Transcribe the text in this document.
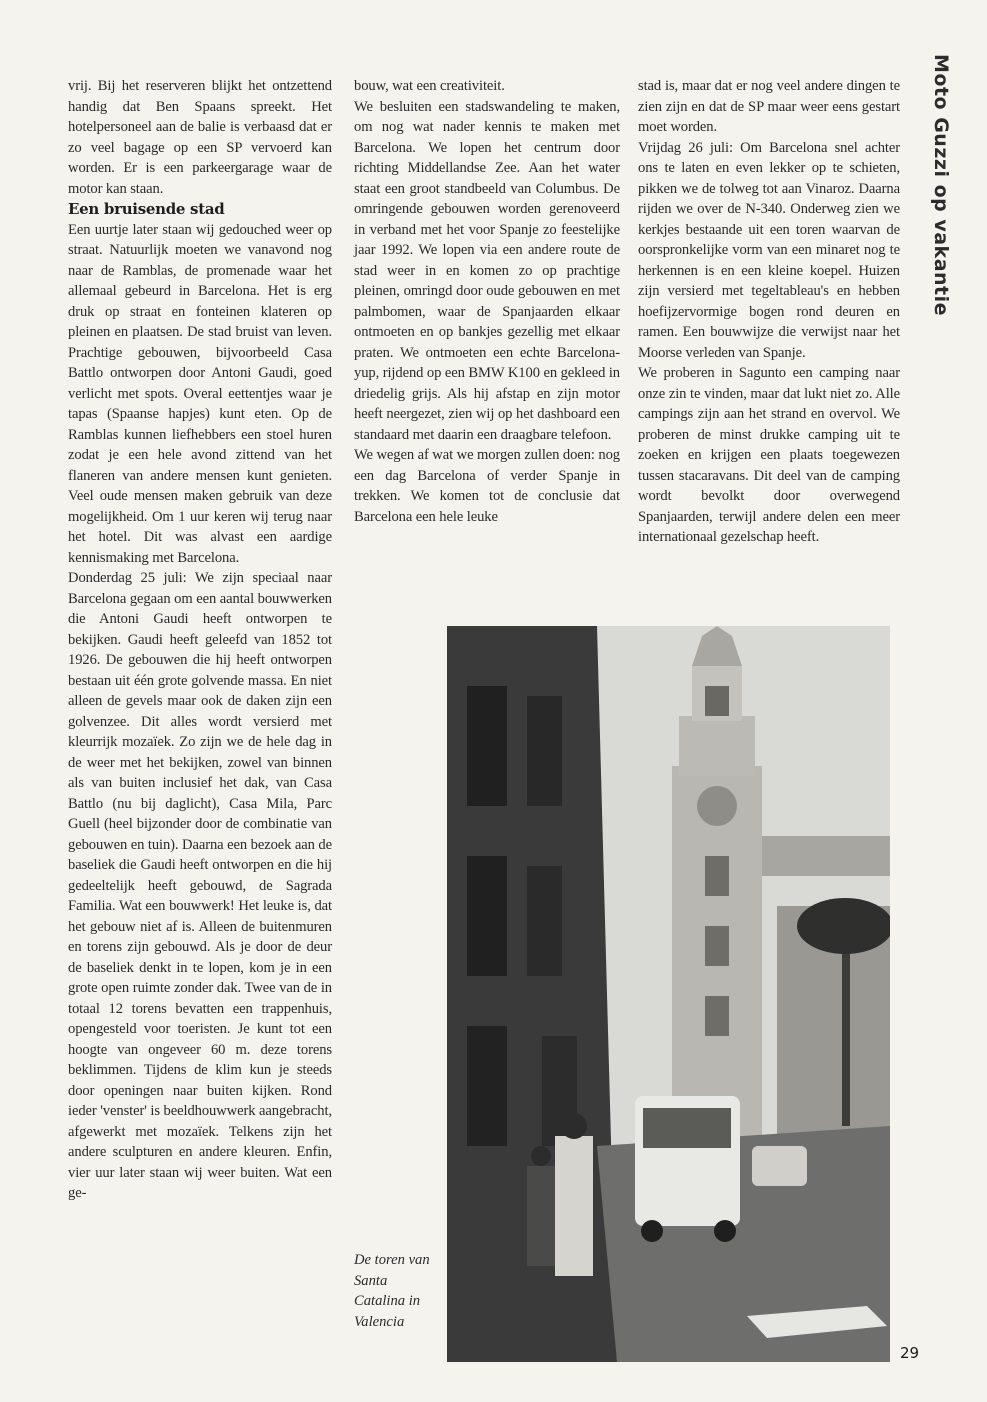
vrij. Bij het reserveren blijkt het ontzettend handig dat Ben Spaans spreekt. Het hotelpersoneel aan de balie is verbaasd dat er zo veel bagage op een SP vervoerd kan worden. Er is een parkeergarage waar de motor kan staan.

Een bruisende stad

Een uurtje later staan wij gedouched weer op straat. Natuurlijk moeten we vanavond nog naar de Ramblas, de promenade waar het allemaal gebeurd in Barcelona. Het is erg druk op straat en fonteinen klateren op pleinen en plaatsen. De stad bruist van leven. Prachtige gebouwen, bijvoorbeeld Casa Battlo ontworpen door Antoni Gaudi, goed verlicht met spots. Overal eettentjes waar je tapas (Spaanse hapjes) kunt eten. Op de Ramblas kunnen liefhebbers een stoel huren zodat je een hele avond zittend van het flaneren van andere mensen kunt genieten. Veel oude mensen maken gebruik van deze mogelijkheid. Om 1 uur keren wij terug naar het hotel. Dit was alvast een aardige kennismaking met Barcelona.

Donderdag 25 juli: We zijn speciaal naar Barcelona gegaan om een aantal bouwwerken die Antoni Gaudi heeft ontworpen te bekijken. Gaudi heeft geleefd van 1852 tot 1926. De gebouwen die hij heeft ontworpen bestaan uit één grote golvende massa. En niet alleen de gevels maar ook de daken zijn een golvenzee. Dit alles wordt versierd met kleurrijk mozaïek. Zo zijn we de hele dag in de weer met het bekijken, zowel van binnen als van buiten inclusief het dak, van Casa Battlo (nu bij daglicht), Casa Mila, Parc Guell (heel bijzonder door de combinatie van gebouwen en tuin). Daarna een bezoek aan de baseliek die Gaudi heeft ontworpen en die hij gedeeltelijk heeft gebouwd, de Sagrada Familia. Wat een bouwwerk! Het leuke is, dat het gebouw niet af is. Alleen de buitenmuren en torens zijn gebouwd. Als je door de deur de baseliek denkt in te lopen, kom je in een grote open ruimte zonder dak. Twee van de in totaal 12 torens bevatten een trappenhuis, opengesteld voor toeristen. Je kunt tot een hoogte van ongeveer 60 m. deze torens beklimmen. Tijdens de klim kun je steeds door openingen naar buiten kijken. Rond ieder 'venster' is beeldhouwwerk aangebracht, afgewerkt met mozaïek. Telkens zijn het andere sculpturen en andere kleuren. Enfin, vier uur later staan wij weer buiten. Wat een ge-

bouw, wat een creativiteit.

We besluiten een stadswandeling te maken, om nog wat nader kennis te maken met Barcelona. We lopen het centrum door richting Middellandse Zee. Aan het water staat een groot standbeeld van Columbus. De omringende gebouwen worden gerenoveerd in verband met het voor Spanje zo feestelijke jaar 1992. We lopen via een andere route de stad weer in en komen zo op prachtige pleinen, omringd door oude gebouwen en met palmbomen, waar de Spanjaarden elkaar ontmoeten en op bankjes gezellig met elkaar praten. We ontmoeten een echte Barcelona-yup, rijdend op een BMW K100 en gekleed in driedelig grijs. Als hij afstap en zijn motor heeft neergezet, zien wij op het dashboard een standaard met daarin een draagbare telefoon.

We wegen af wat we morgen zullen doen: nog een dag Barcelona of verder Spanje in trekken. We komen tot de conclusie dat Barcelona een hele leuke

stad is, maar dat er nog veel andere dingen te zien zijn en dat de SP maar weer eens gestart moet worden.

Vrijdag 26 juli: Om Barcelona snel achter ons te laten en even lekker op te schieten, pikken we de tolweg tot aan Vinaroz. Daarna rijden we over de N-340. Onderweg zien we kerkjes bestaande uit een toren waarvan de oorspronkelijke vorm van een minaret nog te herkennen is en een kleine koepel. Huizen zijn versierd met tegeltableau's en hebben hoefijzervormige bogen rond deuren en ramen. Een bouwwijze die verwijst naar het Moorse verleden van Spanje.

We proberen in Sagunto een camping naar onze zin te vinden, maar dat lukt niet zo. Alle campings zijn aan het strand en overvol. We proberen de minst drukke camping uit te zoeken en krijgen een plaats toegewezen tussen stacaravans. Dit deel van de camping wordt bevolkt door overwegend Spanjaarden, terwijl andere delen een meer internationaal gezelschap heeft.

Moto Guzzi op vakantie
De toren van
Santa
Catalina in
Valencia
29
